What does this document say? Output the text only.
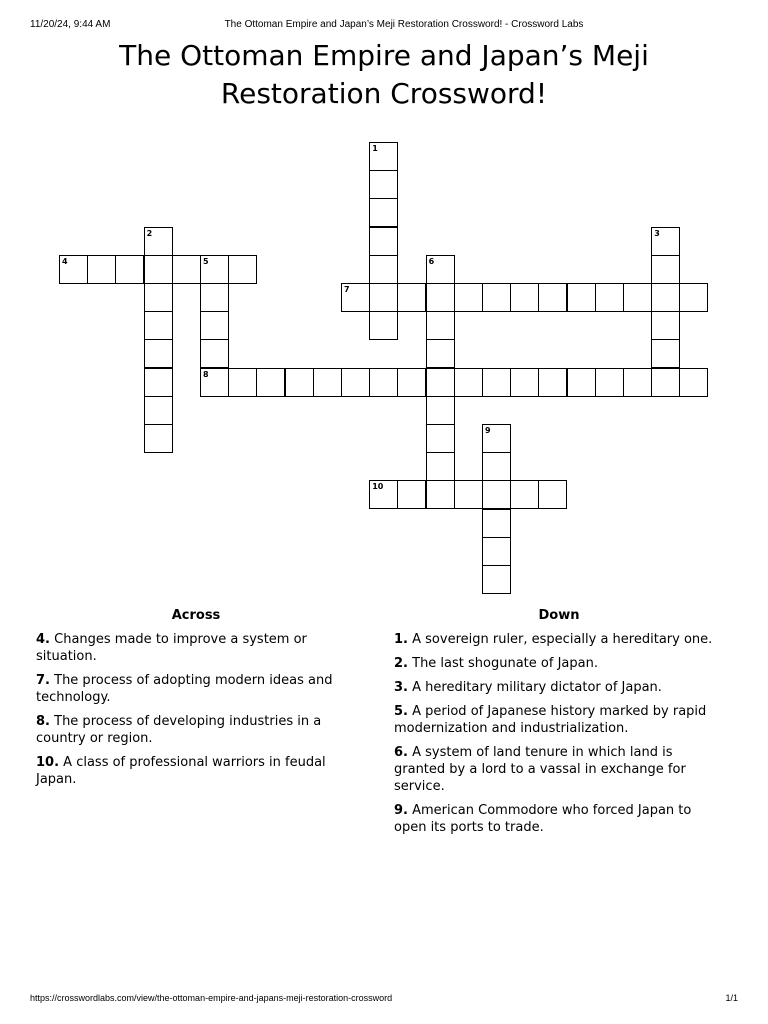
11/20/24, 9:44 AM	The Ottoman Empire and Japan’s Meji Restoration Crossword! - Crossword Labs
The Ottoman Empire and Japan’s Meji Restoration Crossword!
1
2	3
4	5
8
6
7
9
10
Across
4. Changes made to improve a system or situation.
7. The process of adopting modern ideas and technology.
8. The process of developing industries in a country or region.
10. A class of professional warriors in feudal Japan.
Down
1. A sovereign ruler, especially a hereditary one.
2. The last shogunate of Japan.
3. A hereditary military dictator of Japan.
5. A period of Japanese history marked by rapid modernization and industrialization.
6. A system of land tenure in which land is granted by a lord to a vassal in exchange for service.
9. American Commodore who forced Japan to open its ports to trade.
https://crosswordlabs.com/view/the-ottoman-empire-and-japans-meji-restoration-crossword	1/1
